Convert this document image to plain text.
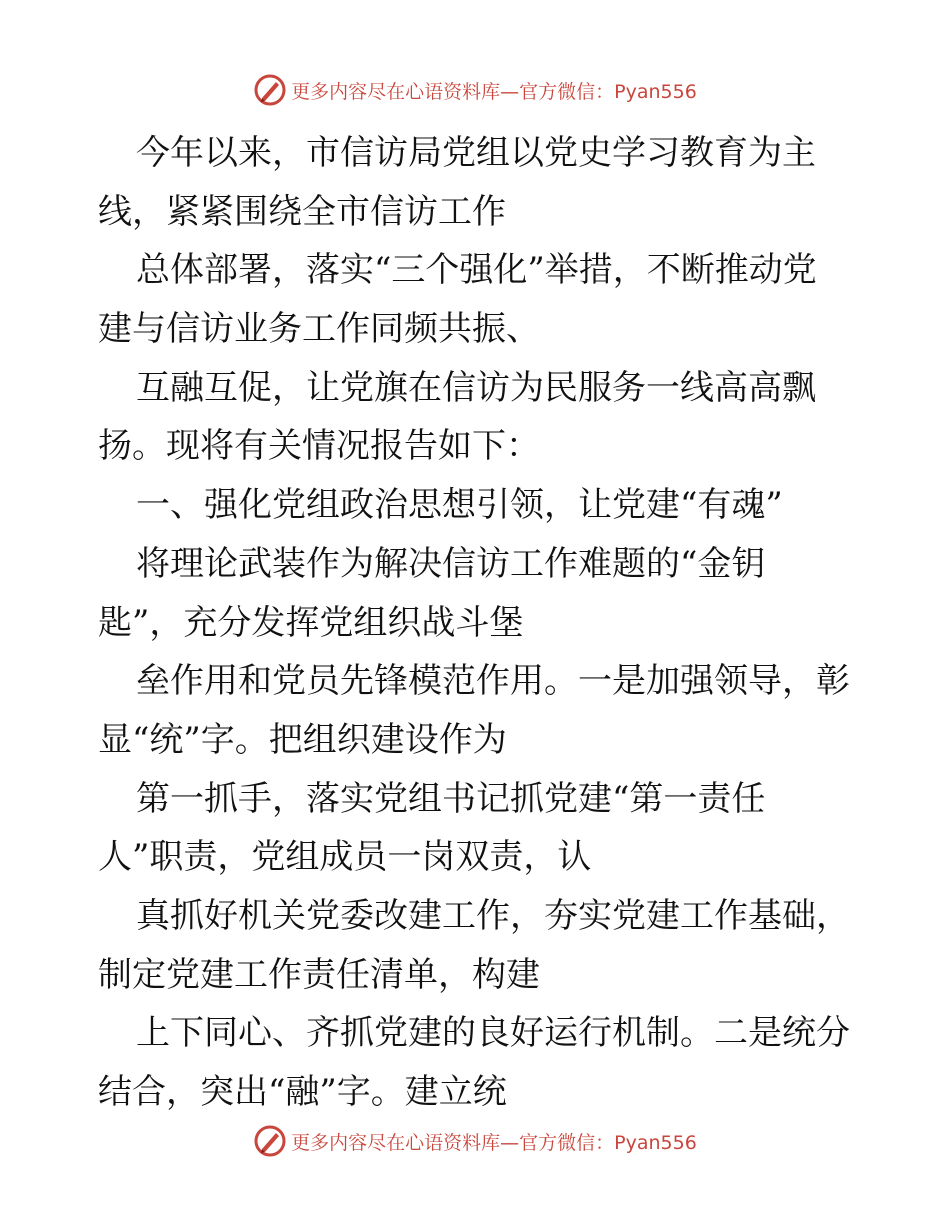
更多内容尽在心语资料库—官方微信：Pyan556
今年以来，市信访局党组以党史学习教育为主
线，紧紧围绕全市信访工作
总体部署，落实“三个强化”举措，不断推动党
建与信访业务工作同频共振、
互融互促，让党旗在信访为民服务一线高高飘
扬。现将有关情况报告如下：
一、强化党组政治思想引领，让党建“有魂”
将理论武装作为解决信访工作难题的“金钥
匙”，充分发挥党组织战斗堡
垒作用和党员先锋模范作用。一是加强领导，彰
显“统”字。把组织建设作为
第一抓手，落实党组书记抓党建“第一责任
人”职责，党组成员一岗双责，认
真抓好机关党委改建工作，夯实党建工作基础，
制定党建工作责任清单，构建
上下同心、齐抓党建的良好运行机制。二是统分
结合，突出“融”字。建立统
更多内容尽在心语资料库—官方微信：Pyan556
